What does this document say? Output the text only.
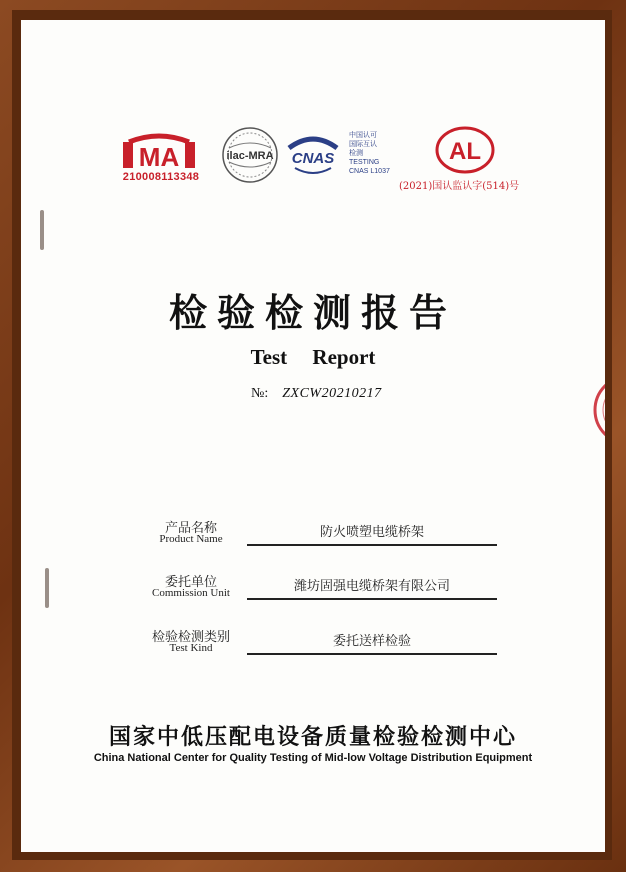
MA
210008113348
ilac-MRA CNAS
中国认可
国际互认
检测
TESTING
CNAS L1037
AL
(2021)国认监认字(514)号
检验检测报告
Test Report
№: ZXCW20210217
产品名称
Product Name	防火喷塑电缆桥架
委托单位
Commission Unit	潍坊固强电缆桥架有限公司
检验检测类别
Test Kind	委托送样检验
国家中低压配电设备质量检验检测中心
China National Center for Quality Testing of Mid-low Voltage Distribution Equipment
